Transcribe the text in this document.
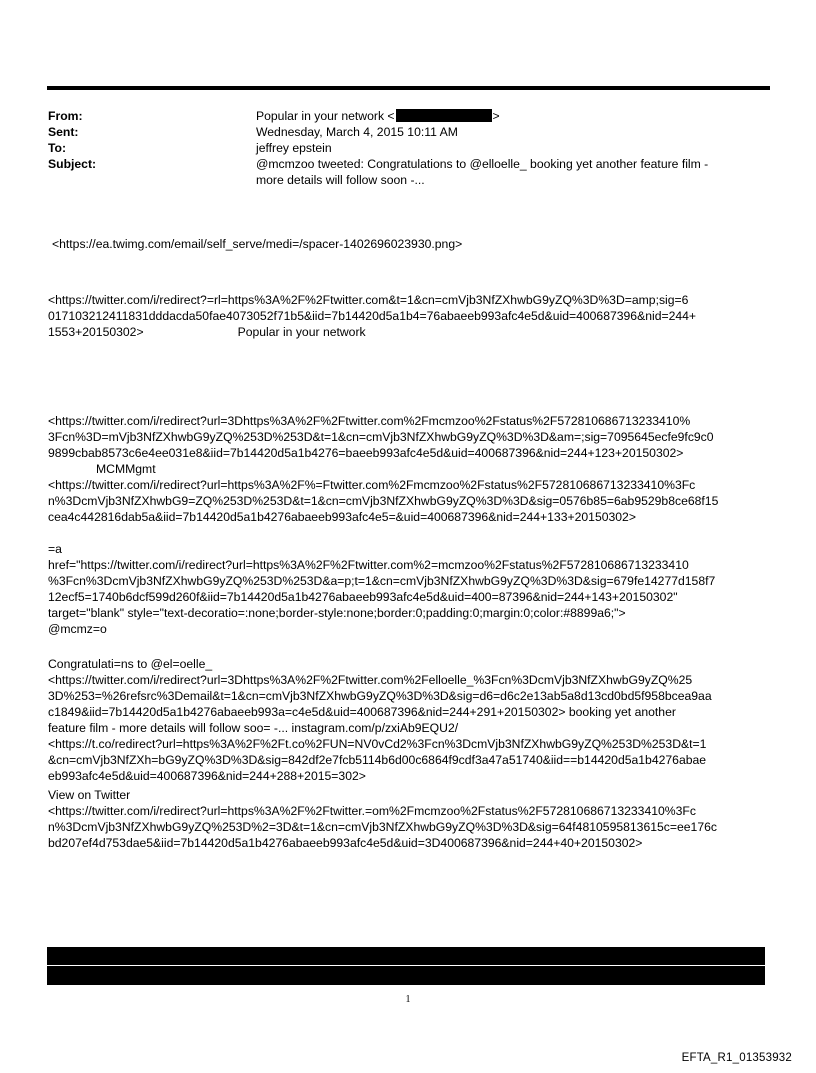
From:	Popular in your network <	>
Sent:	Wednesday, March 4, 2015 10:11 AM
To:	jeffrey epstein
Subject:	@mcmzoo tweeted: Congratulations to @elloelle_ booking yet another feature film -
more details will follow soon -...
<https://ea.twimg.com/email/self_serve/medi=/spacer-1402696023930.png>
<https://twitter.com/i/redirect?=rl=https%3A%2F%2Ftwitter.com&t=1&cn=cmVjb3NfZXhwbG9yZQ%3D%3D=amp;sig=6
017103212411831dddacda50fae4073052f71b5&iid=7b14420d5a1b4=76abaeeb993afc4e5d&uid=400687396&nid=244+
1553+20150302>	Popular in your network
<https://twitter.com/i/redirect?url=3Dhttps%3A%2F%2Ftwitter.com%2Fmcmzoo%2Fstatus%2F572810686713233410%
3Fcn%3D=mVjb3NfZXhwbG9yZQ%253D%253D&t=1&cn=cmVjb3NfZXhwbG9yZQ%3D%3D&am=;sig=7095645ecfe9fc9c0
9899cbab8573c6e4ee031e8&iid=7b14420d5a1b4276=baeeb993afc4e5d&uid=400687396&nid=244+123+20150302>
MCMMgmt
<https://twitter.com/i/redirect?url=https%3A%2F%=Ftwitter.com%2Fmcmzoo%2Fstatus%2F572810686713233410%3Fc
n%3DcmVjb3NfZXhwbG9=ZQ%253D%253D&t=1&cn=cmVjb3NfZXhwbG9yZQ%3D%3D&sig=0576b85=6ab9529b8ce68f15
cea4c442816dab5a&iid=7b14420d5a1b4276abaeeb993afc4e5=&uid=400687396&nid=244+133+20150302>
=a
href="https://twitter.com/i/redirect?url=https%3A%2F%2Ftwitter.com%2=mcmzoo%2Fstatus%2F572810686713233410
%3Fcn%3DcmVjb3NfZXhwbG9yZQ%253D%253D&a=p;t=1&cn=cmVjb3NfZXhwbG9yZQ%3D%3D&sig=679fe14277d158f7
12ecf5=1740b6dcf599d260f&iid=7b14420d5a1b4276abaeeb993afc4e5d&uid=400=87396&nid=244+143+20150302"
target="blank" style="text-decoratio=:none;border-style:none;border:0;padding:0;margin:0;color:#8899a6;">
@mcmz=o
Congratulati=ns to @el=oelle_
<https://twitter.com/i/redirect?url=3Dhttps%3A%2F%2Ftwitter.com%2Felloelle_%3Fcn%3DcmVjb3NfZXhwbG9yZQ%25
3D%253=%26refsrc%3Demail&t=1&cn=cmVjb3NfZXhwbG9yZQ%3D%3D&sig=d6=d6c2e13ab5a8d13cd0bd5f958bcea9aa
c1849&iid=7b14420d5a1b4276abaeeb993a=c4e5d&uid=400687396&nid=244+291+20150302> booking yet another
feature film - more details will follow soo= -... instagram.com/p/zxiAb9EQU2/
<https://t.co/redirect?url=https%3A%2F%2Ft.co%2FUN=NV0vCd2%3Fcn%3DcmVjb3NfZXhwbG9yZQ%253D%253D&t=1
&cn=cmVjb3NfZXh=bG9yZQ%3D%3D&sig=842df2e7fcb5114b6d00c6864f9cdf3a47a51740&iid==b14420d5a1b4276abae
eb993afc4e5d&uid=400687396&nid=244+288+2015=302>
View on Twitter
<https://twitter.com/i/redirect?url=https%3A%2F%2Ftwitter.=om%2Fmcmzoo%2Fstatus%2F572810686713233410%3Fc
n%3DcmVjb3NfZXhwbG9yZQ%253D%2=3D&t=1&cn=cmVjb3NfZXhwbG9yZQ%3D%3D&sig=64f4810595813615c=ee176c
bd207ef4d753dae5&iid=7b14420d5a1b4276abaeeb993afc4e5d&uid=3D400687396&nid=244+40+20150302>
1
EFTA_R1_01353932
